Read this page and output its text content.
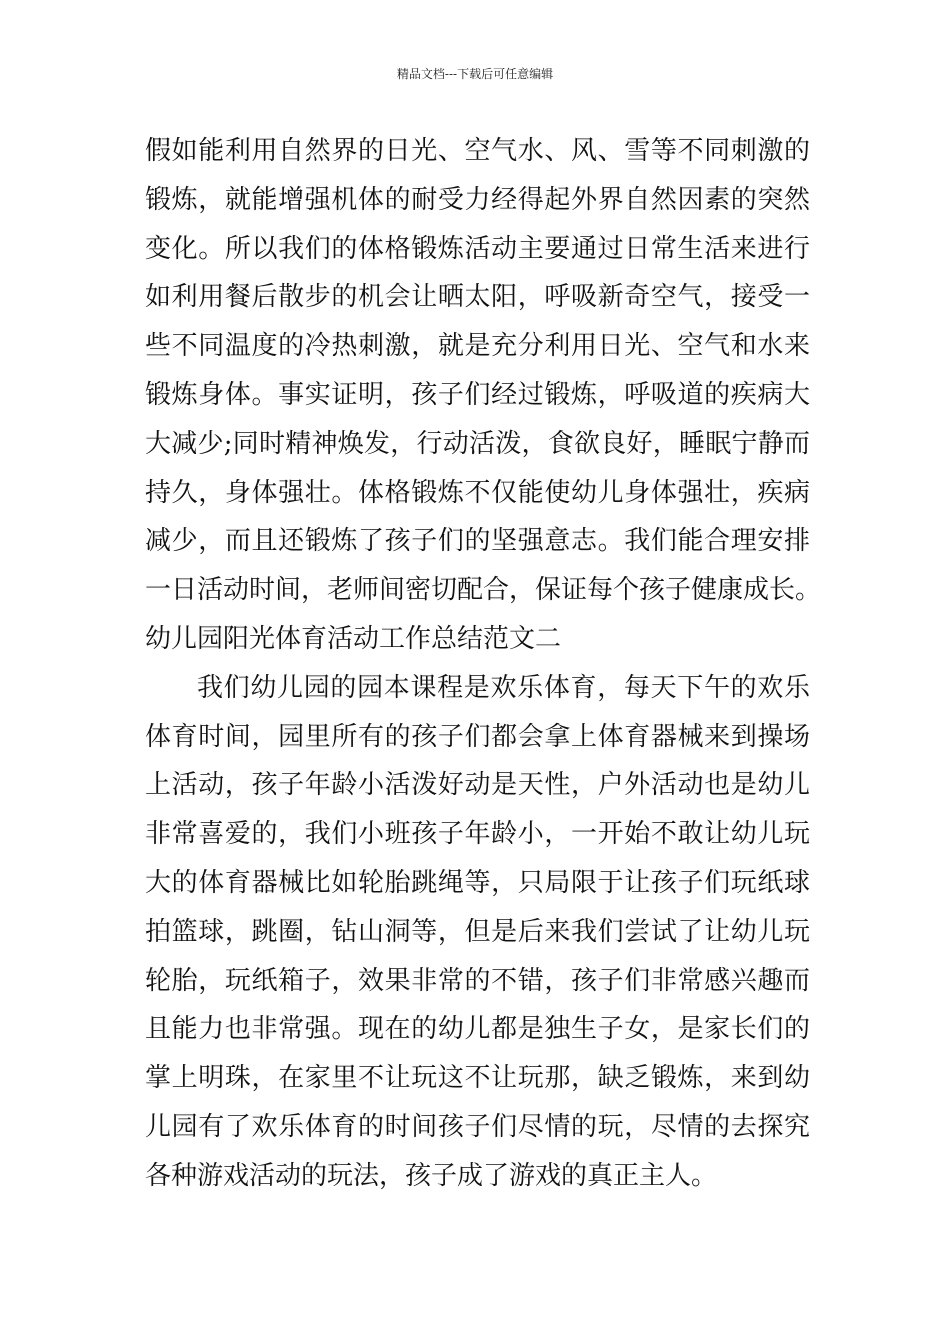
精品文档---下载后可任意编辑
假如能利用自然界的日光、空气水、风、雪等不同刺激的
锻炼，就能增强机体的耐受力经得起外界自然因素的突然
变化。所以我们的体格锻炼活动主要通过日常生活来进行
如利用餐后散步的机会让晒太阳，呼吸新奇空气，接受一
些不同温度的冷热刺激，就是充分利用日光、空气和水来
锻炼身体。事实证明，孩子们经过锻炼，呼吸道的疾病大
大减少;同时精神焕发，行动活泼，食欲良好，睡眠宁静而
持久，身体强壮。体格锻炼不仅能使幼儿身体强壮，疾病
减少，而且还锻炼了孩子们的坚强意志。我们能合理安排
一日活动时间，老师间密切配合，保证每个孩子健康成长。
幼儿园阳光体育活动工作总结范文二
我们幼儿园的园本课程是欢乐体育，每天下午的欢乐
体育时间，园里所有的孩子们都会拿上体育器械来到操场
上活动，孩子年龄小活泼好动是天性，户外活动也是幼儿
非常喜爱的，我们小班孩子年龄小，一开始不敢让幼儿玩
大的体育器械比如轮胎跳绳等，只局限于让孩子们玩纸球
拍篮球，跳圈，钻山洞等，但是后来我们尝试了让幼儿玩
轮胎，玩纸箱子，效果非常的不错，孩子们非常感兴趣而
且能力也非常强。现在的幼儿都是独生子女，是家长们的
掌上明珠，在家里不让玩这不让玩那，缺乏锻炼，来到幼
儿园有了欢乐体育的时间孩子们尽情的玩，尽情的去探究
各种游戏活动的玩法，孩子成了游戏的真正主人。
